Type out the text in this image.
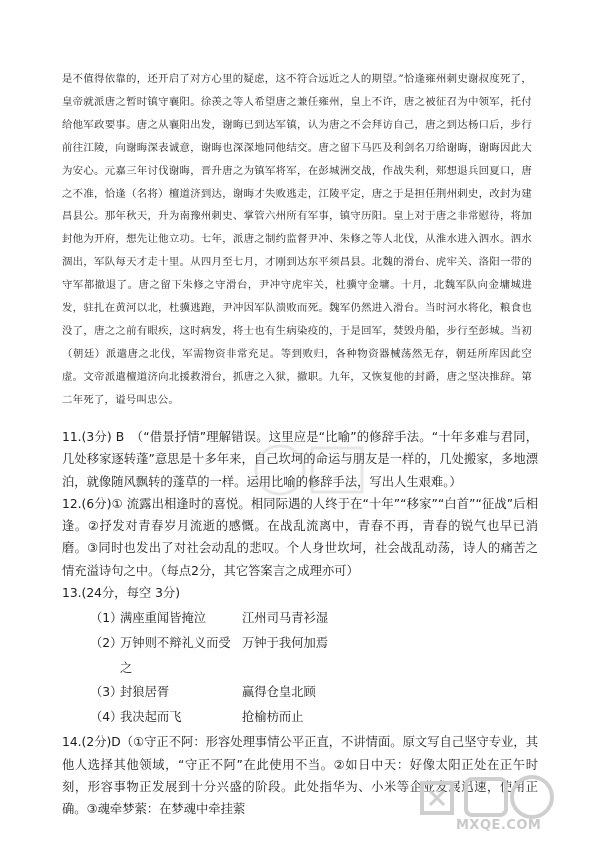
是不值得依靠的，还开启了对方心里的疑虑，这不符合远近之人的期望。”恰逢雍州刺史谢叔度死了，皇帝就派唐之暂时镇守襄阳。徐羡之等人希望唐之兼任雍州，皇上不许，唐之被征召为中领军，托付给他军政要事。唐之从襄阳出发，谢晦已到达军镇，认为唐之不会拜访自己，唐之到达杨口后，步行前往江陵，向谢晦深表诚意，谢晦也深深地同他结交。唐之留下马匹及利剑名刀给谢晦，谢晦因此大为安心。元嘉三年讨伐谢晦，晋升唐之为镇军将军，在彭城洲交战，作战失利，郏想退兵回夏口，唐之不准，恰逢（名将）檀道济到达，谢晦才失败逃走，江陵平定，唐之于是担任荆州刺史，改封为建昌县公。那年秋天，升为南豫州刺史、掌管六州所有军事，镇守历阳。皇上对于唐之非常慰待，将加封他为开府，想先让他立功。七年，派唐之制约监督尹冲、朱修之等人北伐，从淮水进入泗水。泗水涸出，军队每天才走十里。从四月至七月，才刚到达东平须昌县。北魏的滑台、虎牢关、洛阳一带的守军都撤退了。唐之留下朱修之守滑台，尹冲守虎牢关，杜骥守金墉。十月，北魏军队向金墉城进发，驻扎在黄河以北，杜骥逃跑，尹冲因军队溃败而死。魏军仍然进入滑台。当时河水将化，粮食也没了，唐之之前有眼疾，这时病发，将士也有生病染疫的，于是回军，焚毁舟船，步行至彭城。当初（朝廷）派遣唐之北伐，军需物资非常充足。等到败归，各种物资器械荡然无存，朝廷所库因此空虚。文帝派遣檀道济向北援救滑台，抓唐之入狱，撤职。九年，又恢复他的封爵，唐之坚决推辞。第二年死了，谥号叫忠公。

11.(3分) B　（“借景抒情”理解错误。这里应是“比喻”的修辞手法。“十年多难与君同，几处移家逐转蓬”意思是十多年来，自己坎坷的命运与朋友是一样的，几处搬家，多地漂泊，就像随风飘转的蓬草的一样。运用比喻的修辞手法，写出人生艰难。）

12.(6分)① 流露出相逢时的喜悦。相同际遇的人终于在“十年”“移家”“白首”“征战”后相逢。②抒发对青春岁月流逝的感慨。在战乱流离中，青春不再，青春的锐气也早已消磨。③同时也发出了对社会动乱的悲叹。个人身世坎坷，社会战乱动荡，诗人的痛苦之情充溢诗句之中。（每点2分，其它答案言之成理亦可）

13.(24分，每空 3分)

（1）
满座重闻皆掩泣	江州司马青衫湿
（2）
万钟则不辩礼义而受之
万钟于我何加焉
（3）
封狼居胥	赢得仓皇北顾
（4）
我决起而飞	抢榆枋而止

14.(2分)D（①守正不阿：形容处理事情公平正直，不讲情面。原文写自己坚守专业，其他人选择其他领域，“守正不阿”在此使用不当。②如日中天：好像太阳正处在正午时刻，形容事物正发展到十分兴盛的阶段。此处指华为、小米等企业发展迅速，使用正确。③魂牵梦萦：在梦魂中牵挂萦

MXQE.COM
